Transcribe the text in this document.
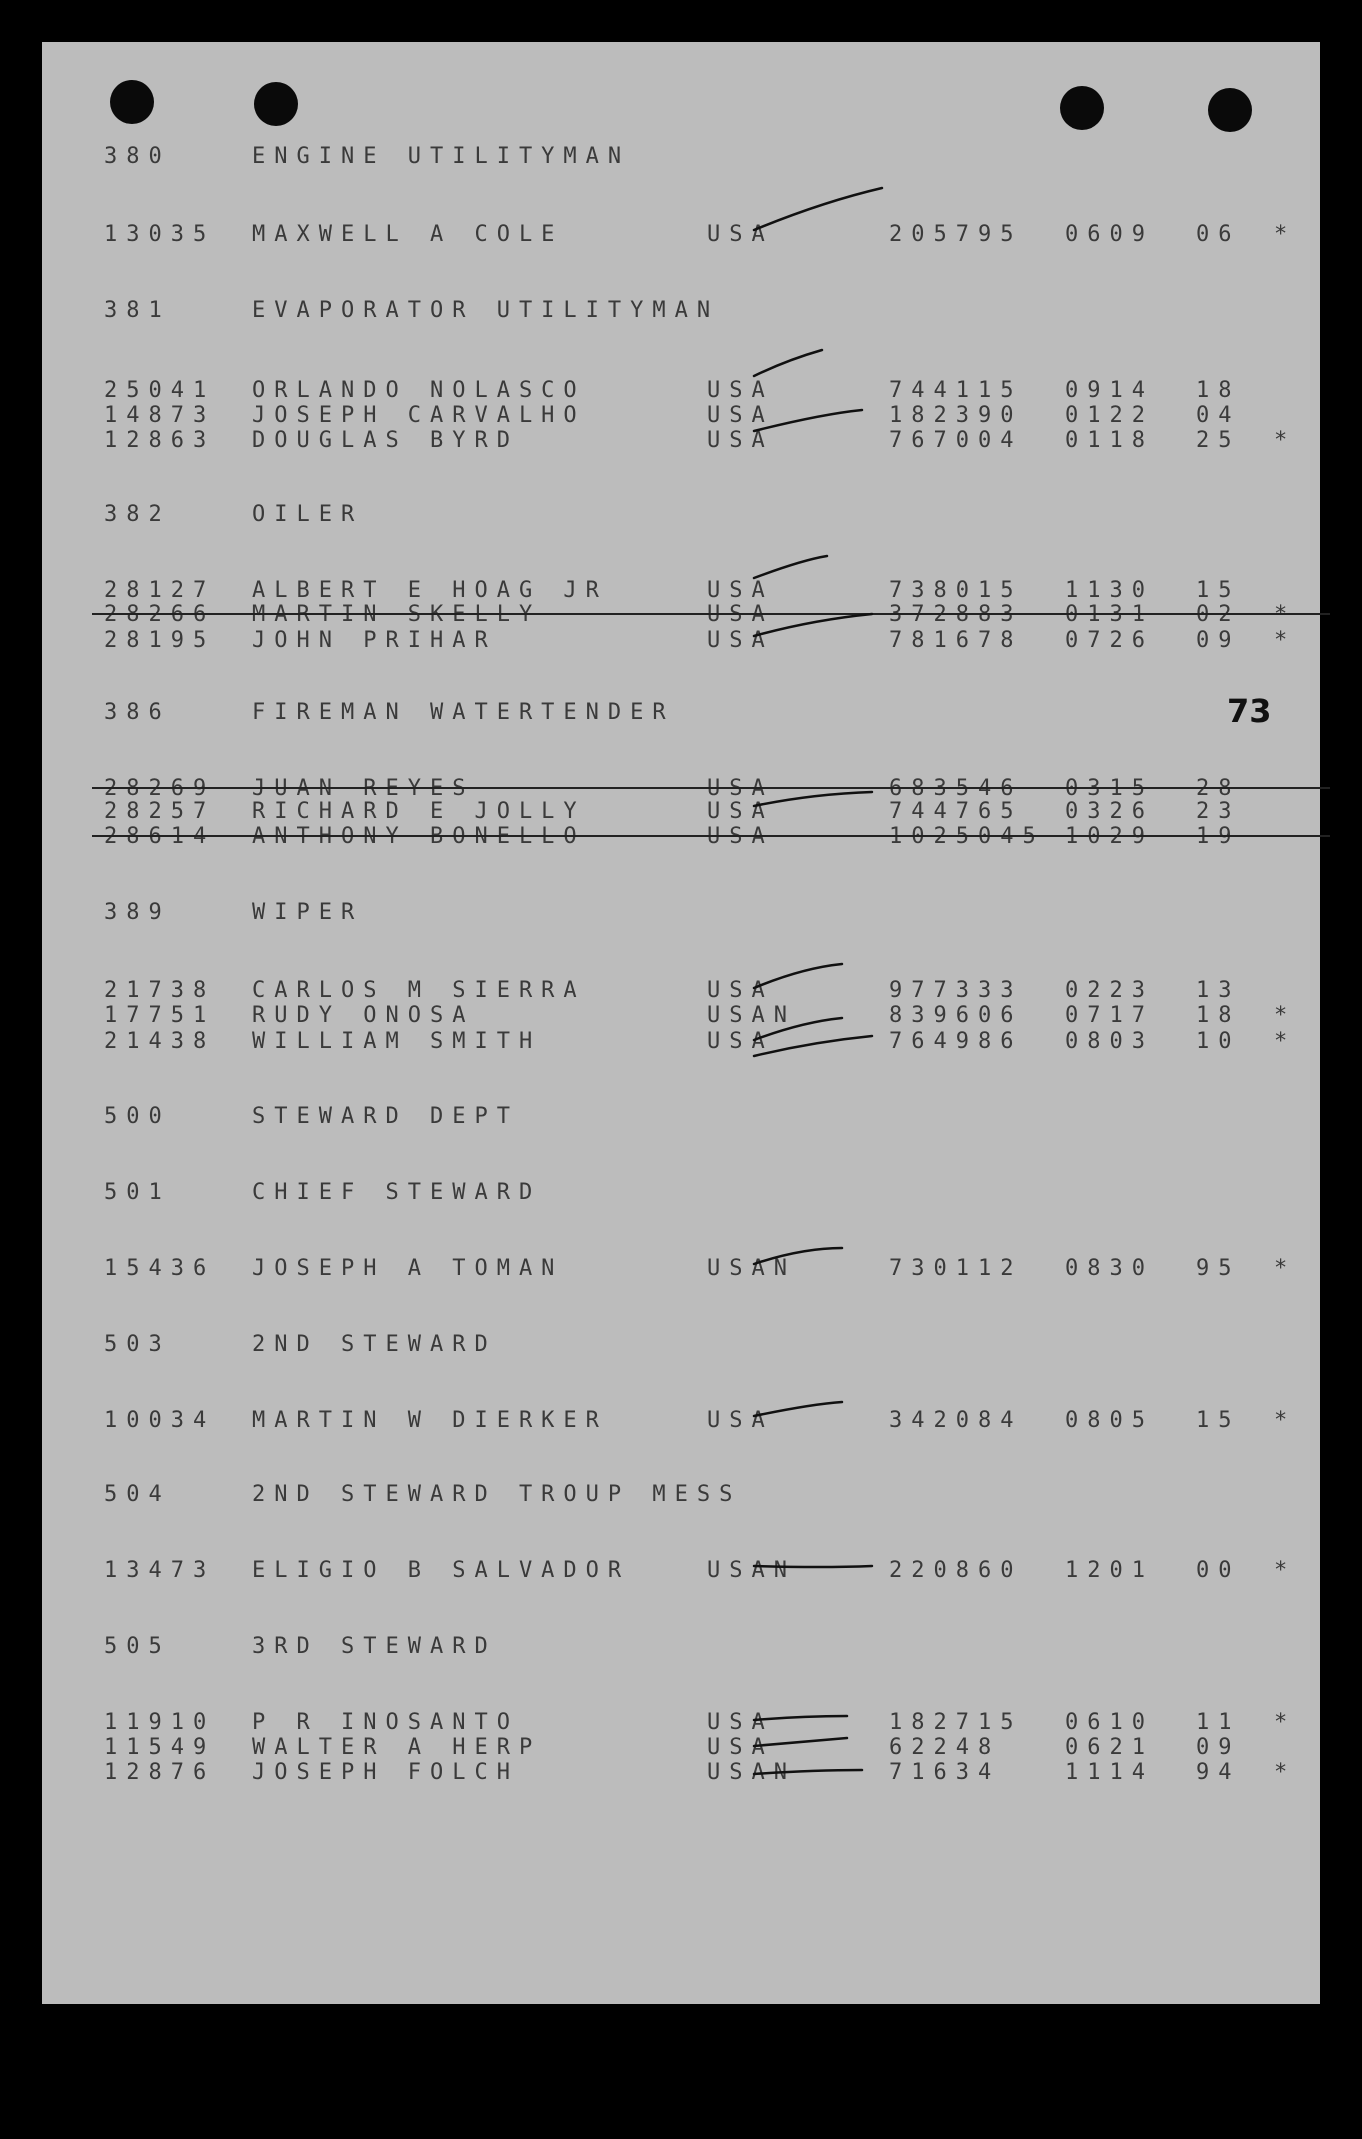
73
380	ENGINE UTILITYMAN
13035 MAXWELL A COLE	USA	205795 0609 06 *
381	EVAPORATOR UTILITYMAN
25041 ORLANDO NOLASCO	USA	744115 0914 18
14873 JOSEPH CARVALHO	USA	182390 0122 04
12863 DOUGLAS BYRD	USA	767004 0118 25 *
382	OILER
28127 ALBERT E HOAG JR	USA	738015 1130 15
28266 MARTIN SKELLY	USA	372883 0131 02 *
28195 JOHN PRIHAR	USA	781678 0726 09 *
386	FIREMAN WATERTENDER
28269 JUAN REYES	USA	683546 0315 28
28257 RICHARD E JOLLY	USA	744765 0326 23
28614 ANTHONY BONELLO	USA	1025045 1029 19
389	WIPER
21738 CARLOS M SIERRA	USA	977333 0223 13
17751 RUDY ONOSA	USAN	839606 0717 18 *
21438 WILLIAM SMITH	USA	764986 0803 10 *
500	STEWARD DEPT
501	CHIEF STEWARD
15436 JOSEPH A TOMAN	USAN	730112 0830 95 *
503	2ND STEWARD
10034 MARTIN W DIERKER	USA	342084 0805 15 *
504	2ND STEWARD TROUP MESS
13473 ELIGIO B SALVADOR	USAN	220860 1201 00 *
505	3RD STEWARD
11910 P R INOSANTO	USA	182715 0610 11 *
11549 WALTER A HERP	USA	62248	0621 09
12876 JOSEPH FOLCH	USAN	71634	1114 94 *
